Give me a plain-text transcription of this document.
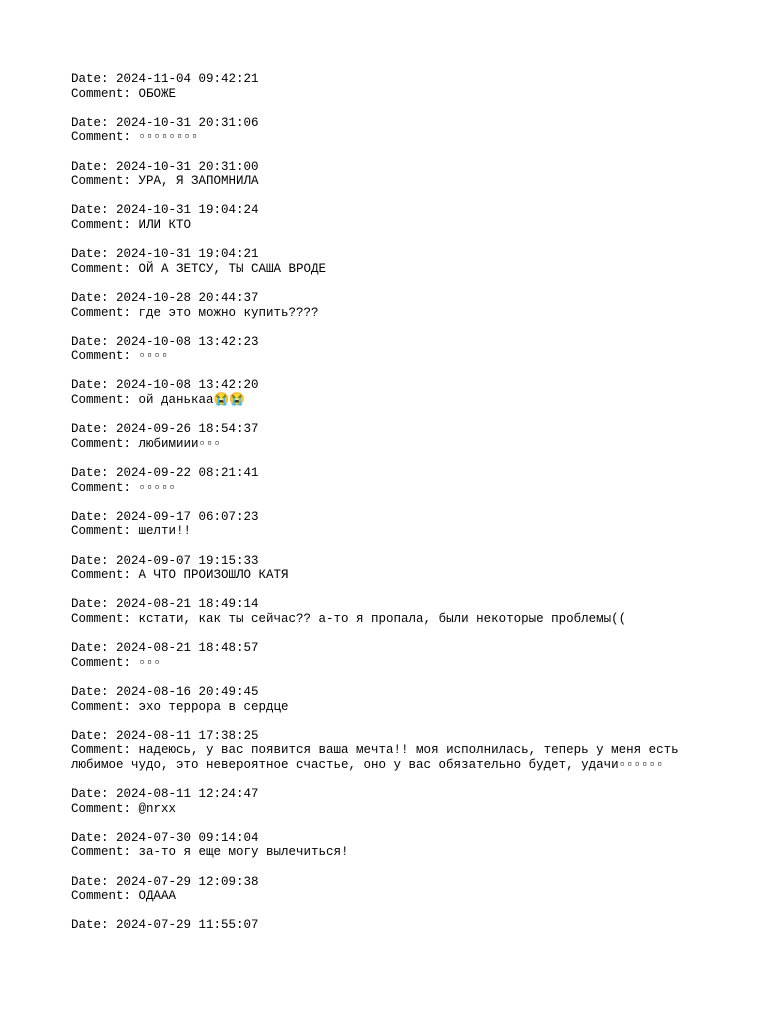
Date: 2024-11-04 09:42:21
Comment: ОБОЖЕ
Date: 2024-10-31 20:31:06
Comment: ▫▫▫▫▫▫▫▫
Date: 2024-10-31 20:31:00
Comment: УРА, Я ЗАПОМНИЛА
Date: 2024-10-31 19:04:24
Comment: ИЛИ КТО
Date: 2024-10-31 19:04:21
Comment: ОЙ А ЗЕТСУ, ТЫ САША ВРОДЕ
Date: 2024-10-28 20:44:37
Comment: где это можно купить????
Date: 2024-10-08 13:42:23
Comment: ▫▫▫▫
Date: 2024-10-08 13:42:20
Comment: ой данькаа😭😭
Date: 2024-09-26 18:54:37
Comment: любимиии▫▫▫
Date: 2024-09-22 08:21:41
Comment: ▫▫▫▫▫
Date: 2024-09-17 06:07:23
Comment: шелти!!
Date: 2024-09-07 19:15:33
Comment: А ЧТО ПРОИЗОШЛО КАТЯ
Date: 2024-08-21 18:49:14
Comment: кстати, как ты сейчас?? а-то я пропала, были некоторые проблемы((
Date: 2024-08-21 18:48:57
Comment: ▫▫▫
Date: 2024-08-16 20:49:45
Comment: эхо террора в сердце
Date: 2024-08-11 17:38:25
Comment: надеюсь, у вас появится ваша мечта!! моя исполнилась, теперь у меня есть любимое чудо, это невероятное счастье, оно у вас обязательно будет, удачи▫▫▫▫▫▫
Date: 2024-08-11 12:24:47
Comment: @nrxx
Date: 2024-07-30 09:14:04
Comment: за-то я еще могу вылечиться!
Date: 2024-07-29 12:09:38
Comment: ОДААА
Date: 2024-07-29 11:55:07
